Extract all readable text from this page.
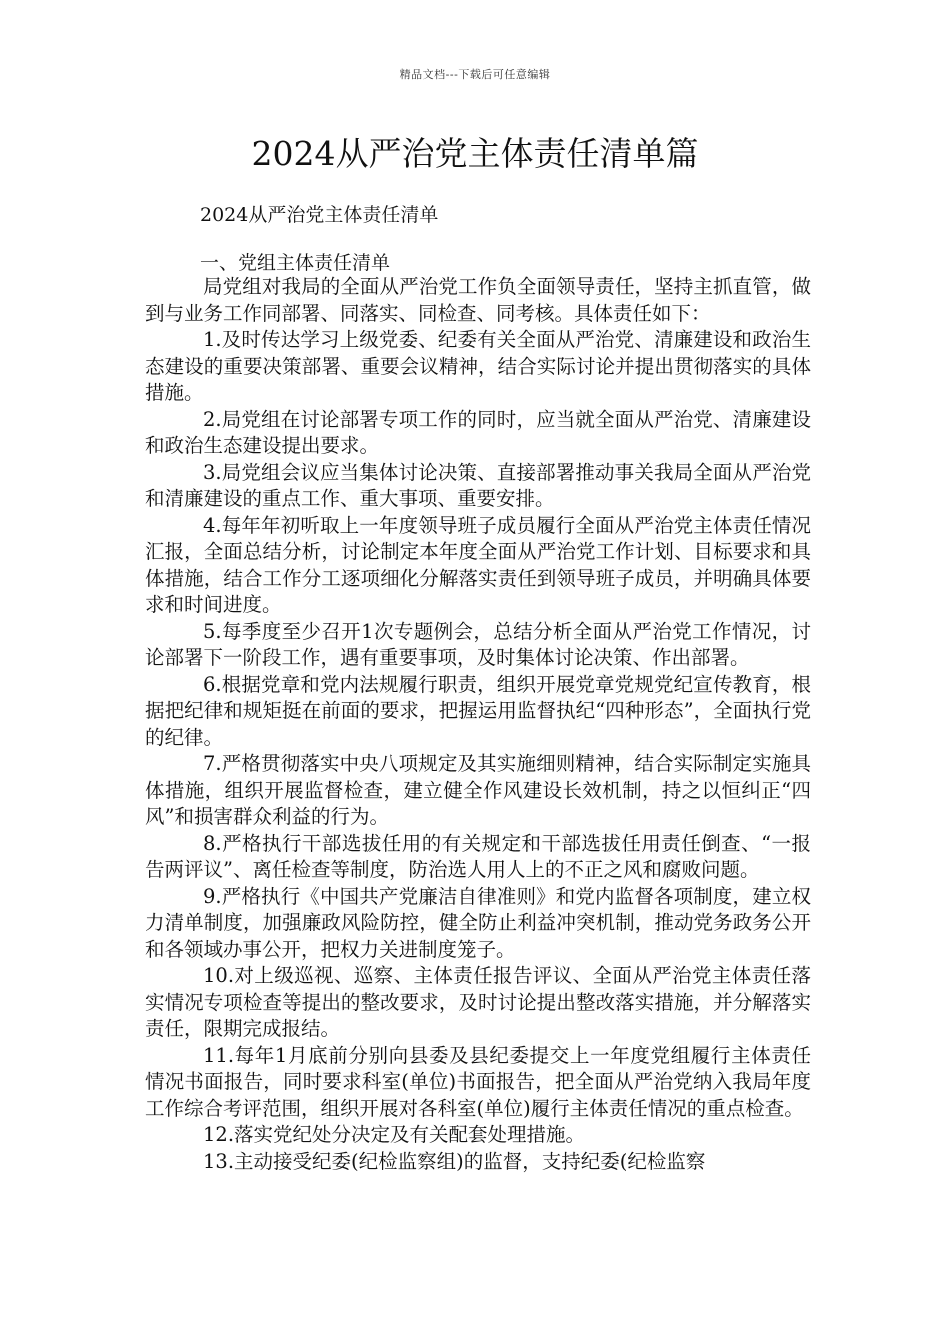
精品文档---下载后可任意编辑
2024从严治党主体责任清单篇

2024从严治党主体责任清单

一、党组主体责任清单

局党组对我局的全面从严治党工作负全面领导责任，坚持主抓直管，做到与业务工作同部署、同落实、同检查、同考核。具体责任如下：

1.及时传达学习上级党委、纪委有关全面从严治党、清廉建设和政治生态建设的重要决策部署、重要会议精神，结合实际讨论并提出贯彻落实的具体措施。

2.局党组在讨论部署专项工作的同时，应当就全面从严治党、清廉建设和政治生态建设提出要求。

3.局党组会议应当集体讨论决策、直接部署推动事关我局全面从严治党和清廉建设的重点工作、重大事项、重要安排。

4.每年年初听取上一年度领导班子成员履行全面从严治党主体责任情况汇报，全面总结分析，讨论制定本年度全面从严治党工作计划、目标要求和具体措施，结合工作分工逐项细化分解落实责任到领导班子成员，并明确具体要求和时间进度。

5.每季度至少召开1次专题例会，总结分析全面从严治党工作情况，讨论部署下一阶段工作，遇有重要事项，及时集体讨论决策、作出部署。

6.根据党章和党内法规履行职责，组织开展党章党规党纪宣传教育，根据把纪律和规矩挺在前面的要求，把握运用监督执纪“四种形态”，全面执行党的纪律。

7.严格贯彻落实中央八项规定及其实施细则精神，结合实际制定实施具体措施，组织开展监督检查，建立健全作风建设长效机制，持之以恒纠正“四风”和损害群众利益的行为。

8.严格执行干部选拔任用的有关规定和干部选拔任用责任倒查、“一报告两评议”、离任检查等制度，防治选人用人上的不正之风和腐败问题。

9.严格执行《中国共产党廉洁自律准则》和党内监督各项制度，建立权力清单制度，加强廉政风险防控，健全防止利益冲突机制，推动党务政务公开和各领域办事公开，把权力关进制度笼子。

10.对上级巡视、巡察、主体责任报告评议、全面从严治党主体责任落实情况专项检查等提出的整改要求，及时讨论提出整改落实措施，并分解落实责任，限期完成报结。

11.每年1月底前分别向县委及县纪委提交上一年度党组履行主体责任情况书面报告，同时要求科室(单位)书面报告，把全面从严治党纳入我局年度工作综合考评范围，组织开展对各科室(单位)履行主体责任情况的重点检查。

12.落实党纪处分决定及有关配套处理措施。

13.主动接受纪委(纪检监察组)的监督，支持纪委(纪检监察
